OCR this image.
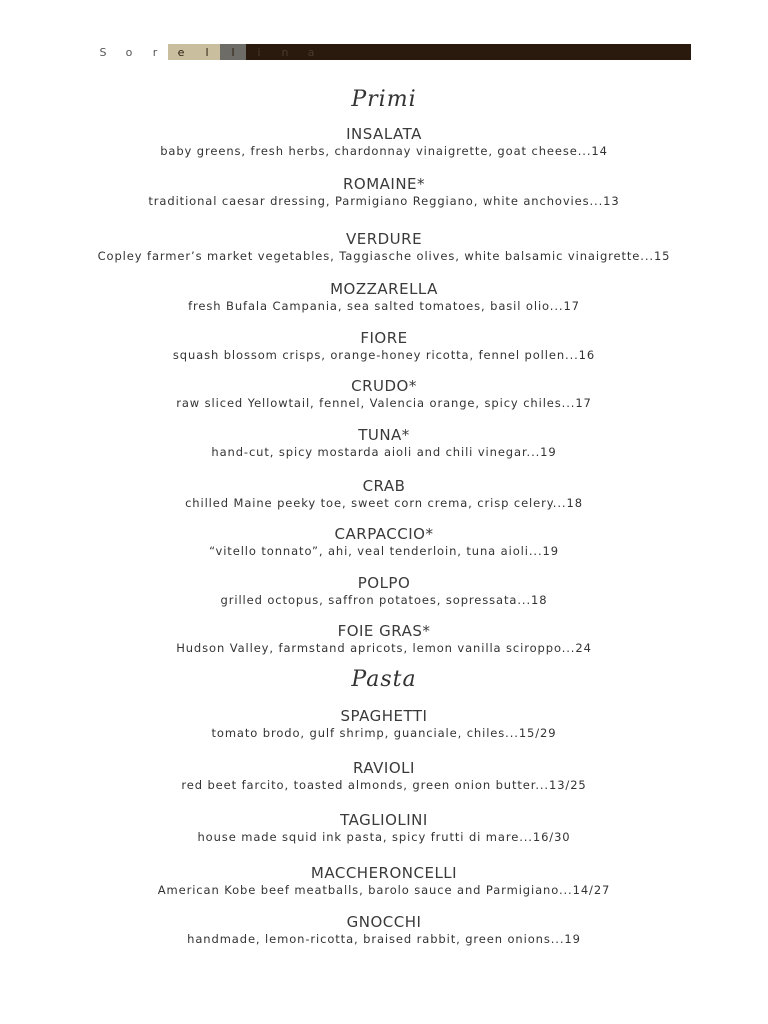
S	o	r	e	l	l	i	n	a
Primi
INSALATA
baby greens, fresh herbs, chardonnay vinaigrette, goat cheese...14
ROMAINE*
traditional caesar dressing, Parmigiano Reggiano, white anchovies...13
VERDURE
Copley farmer’s market vegetables, Taggiasche olives, white balsamic vinaigrette...15
MOZZARELLA
fresh Bufala Campania, sea salted tomatoes, basil olio...17
FIORE
squash blossom crisps, orange-honey ricotta, fennel pollen...16
CRUDO*
raw sliced Yellowtail, fennel, Valencia orange, spicy chiles...17
TUNA*
hand-cut, spicy mostarda aioli and chili vinegar...19
CRAB
chilled Maine peeky toe, sweet corn crema, crisp celery...18
CARPACCIO*
“vitello tonnato”, ahi, veal tenderloin, tuna aioli...19
POLPO
grilled octopus, saffron potatoes, sopressata...18
FOIE GRAS*
Hudson Valley, farmstand apricots, lemon vanilla sciroppo...24
Pasta
SPAGHETTI
tomato brodo, gulf shrimp, guanciale, chiles...15/29
RAVIOLI
red beet farcito, toasted almonds, green onion butter...13/25
TAGLIOLINI
house made squid ink pasta, spicy frutti di mare...16/30
MACCHERONCELLI
American Kobe beef meatballs, barolo sauce and Parmigiano...14/27
GNOCCHI
handmade, lemon-ricotta, braised rabbit, green onions...19
